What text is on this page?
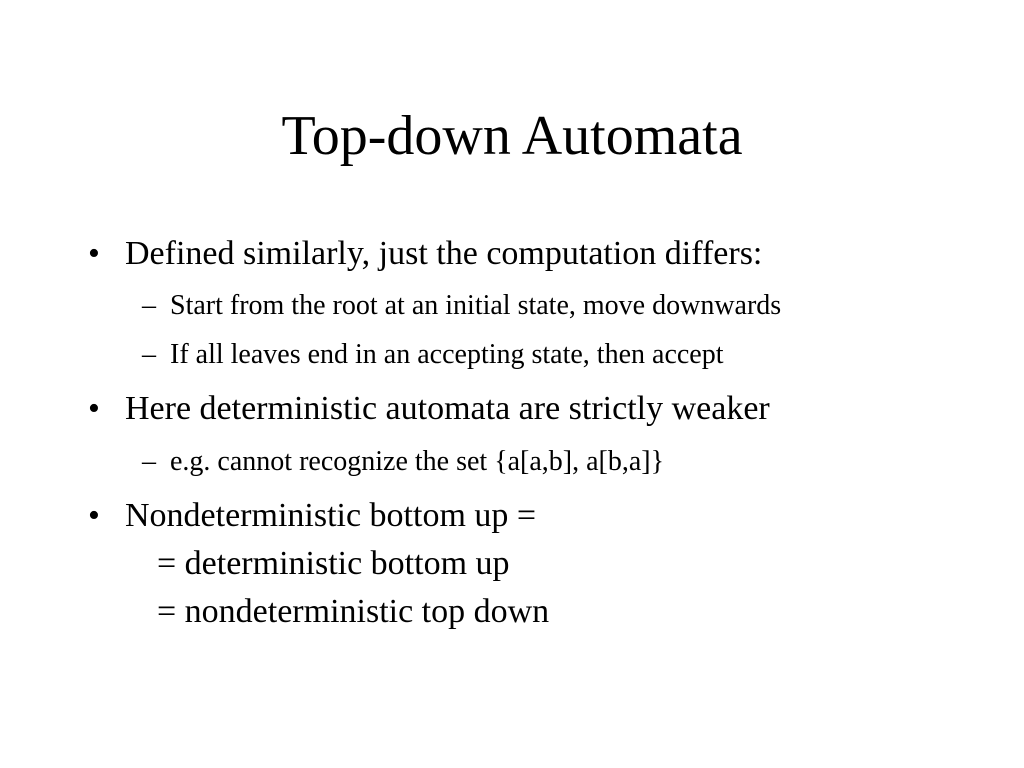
Top-down Automata
• Defined similarly, just the computation differs:
– Start from the root at an initial state, move downwards
– If all leaves end in an accepting state, then accept
• Here deterministic automata are strictly weaker
– e.g. cannot recognize the set {a[a,b], a[b,a]}
• Nondeterministic bottom up =
= deterministic bottom up
= nondeterministic top down
